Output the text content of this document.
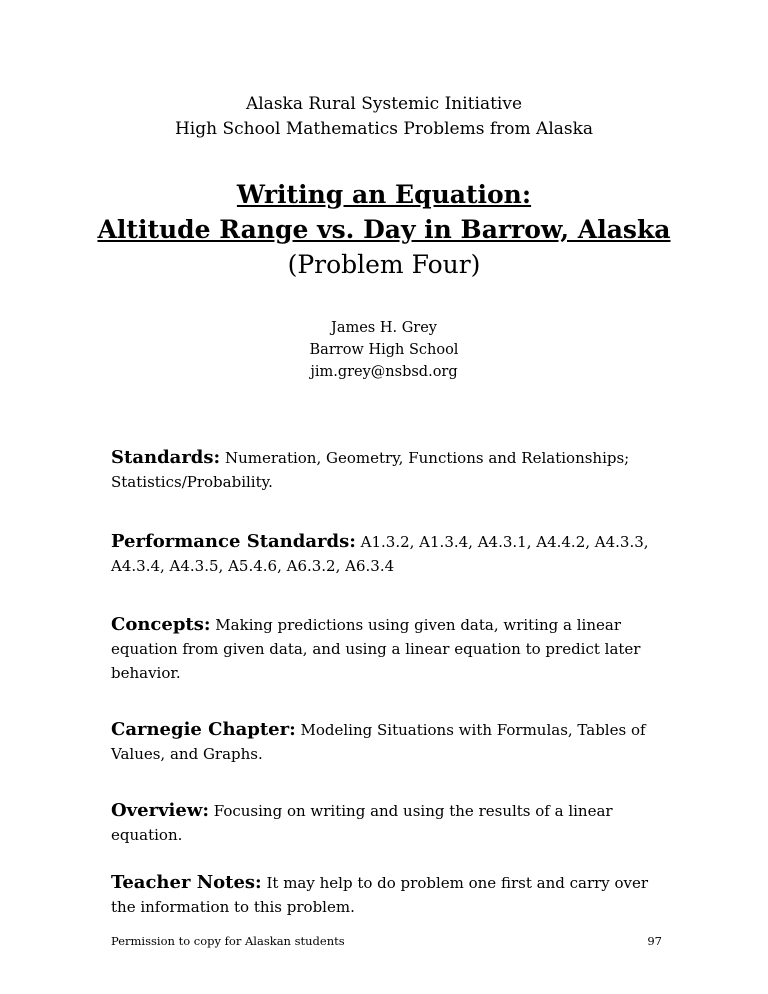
Alaska Rural Systemic Initiative
High School Mathematics Problems from Alaska
Writing an Equation:
Altitude Range vs. Day in Barrow, Alaska
(Problem Four)
James H. Grey
Barrow High School
jim.grey@nsbsd.org
Standards: Numeration, Geometry, Functions and Relationships; Statistics/Probability.
Performance Standards: A1.3.2, A1.3.4, A4.3.1, A4.4.2, A4.3.3, A4.3.4, A4.3.5, A5.4.6, A6.3.2, A6.3.4
Concepts: Making predictions using given data, writing a linear equation from given data, and using a linear equation to predict later behavior.
Carnegie Chapter: Modeling Situations with Formulas, Tables of Values, and Graphs.
Overview: Focusing on writing and using the results of a linear equation.
Teacher Notes: It may help to do problem one first and carry over the information to this problem.
Permission to copy for Alaskan students	97
